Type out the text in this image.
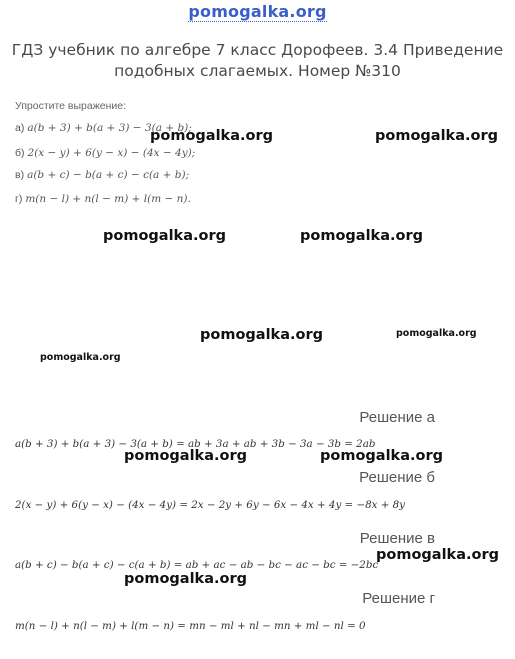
pomogalka.org
ГДЗ учебник по алгебре 7 класс Дорофеев. 3.4 Приведение подобных слагаемых. Номер №310
Упростите выражение:
а) a(b + 3) + b(a + 3) − 3(a + b);
б) 2(x − y) + 6(y − x) − (4x − 4y);
в) a(b + c) − b(a + c) − c(a + b);
г) m(n − l) + n(l − m) + l(m − n).
Решение а
a(b + 3) + b(a + 3) − 3(a + b) = ab + 3a + ab + 3b − 3a − 3b = 2ab
Решение б
2(x − y) + 6(y − x) − (4x − 4y) = 2x − 2y + 6y − 6x − 4x + 4y = −8x + 8y
Решение в
a(b + c) − b(a + c) − c(a + b) = ab + ac − ab − bc − ac − bc = −2bc
Решение г
m(n − l) + n(l − m) + l(m − n) = mn − ml + nl − mn + ml − nl = 0
pomogalka.org	pomogalka.org
pomogalka.org	pomogalka.org
pomogalka.org	pomogalka.org
pomogalka.org
pomogalka.org	pomogalka.org
pomogalka.org
pomogalka.org
